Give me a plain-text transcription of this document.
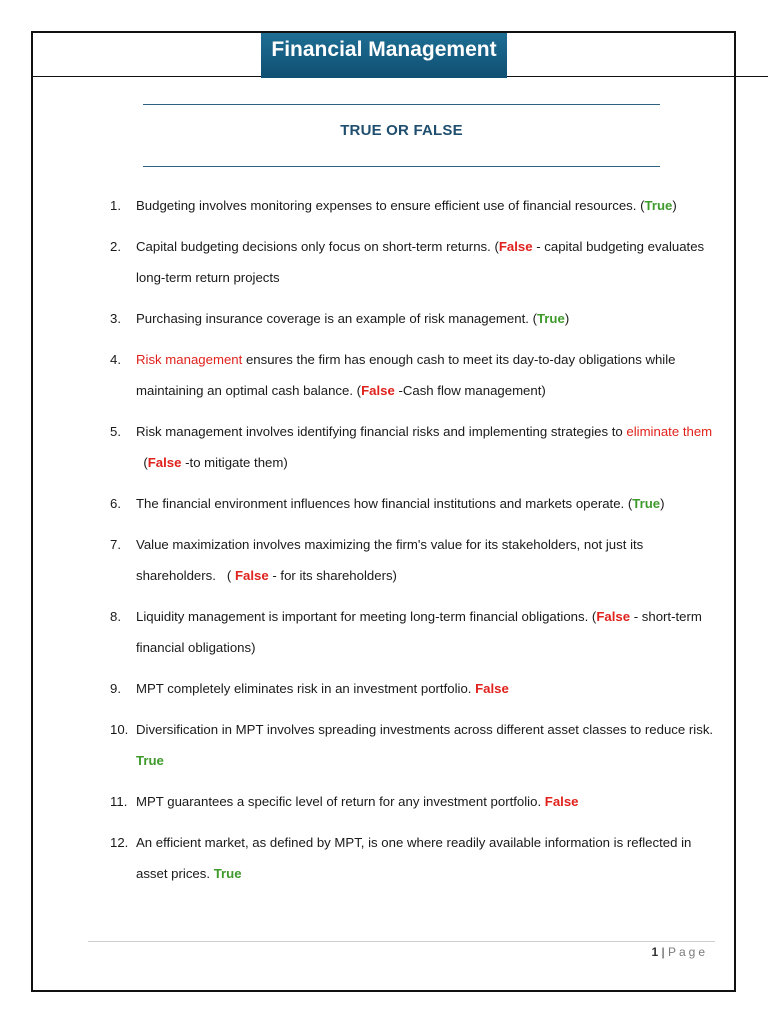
Financial Management
TRUE OR FALSE
1. Budgeting involves monitoring expenses to ensure efficient use of financial resources. (True)
2. Capital budgeting decisions only focus on short-term returns. (False - capital budgeting evaluates long-term return projects
3. Purchasing insurance coverage is an example of risk management. (True)
4. Risk management ensures the firm has enough cash to meet its day-to-day obligations while maintaining an optimal cash balance. (False -Cash flow management)
5. Risk management involves identifying financial risks and implementing strategies to eliminate them  (False -to mitigate them)
6. The financial environment influences how financial institutions and markets operate. (True)
7. Value maximization involves maximizing the firm's value for its stakeholders, not just its shareholders.   ( False - for its shareholders)
8. Liquidity management is important for meeting long-term financial obligations. (False - short-term financial obligations)
9. MPT completely eliminates risk in an investment portfolio. False
10. Diversification in MPT involves spreading investments across different asset classes to reduce risk. True
11. MPT guarantees a specific level of return for any investment portfolio. False
12. An efficient market, as defined by MPT, is one where readily available information is reflected in asset prices. True
1 | Page
